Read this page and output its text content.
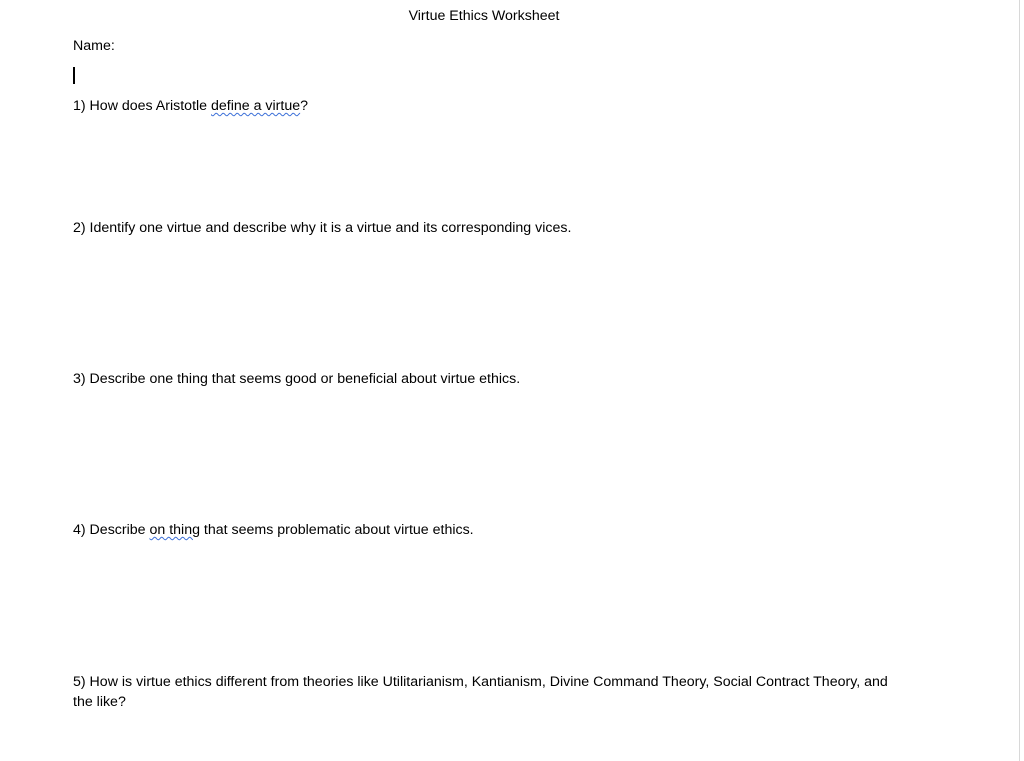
Virtue Ethics Worksheet
Name:
1) How does Aristotle define a virtue?
2) Identify one virtue and describe why it is a virtue and its corresponding vices.
3) Describe one thing that seems good or beneficial about virtue ethics.
4) Describe on thing that seems problematic about virtue ethics.
5) How is virtue ethics different from theories like Utilitarianism, Kantianism, Divine Command Theory, Social Contract Theory, and the like?
